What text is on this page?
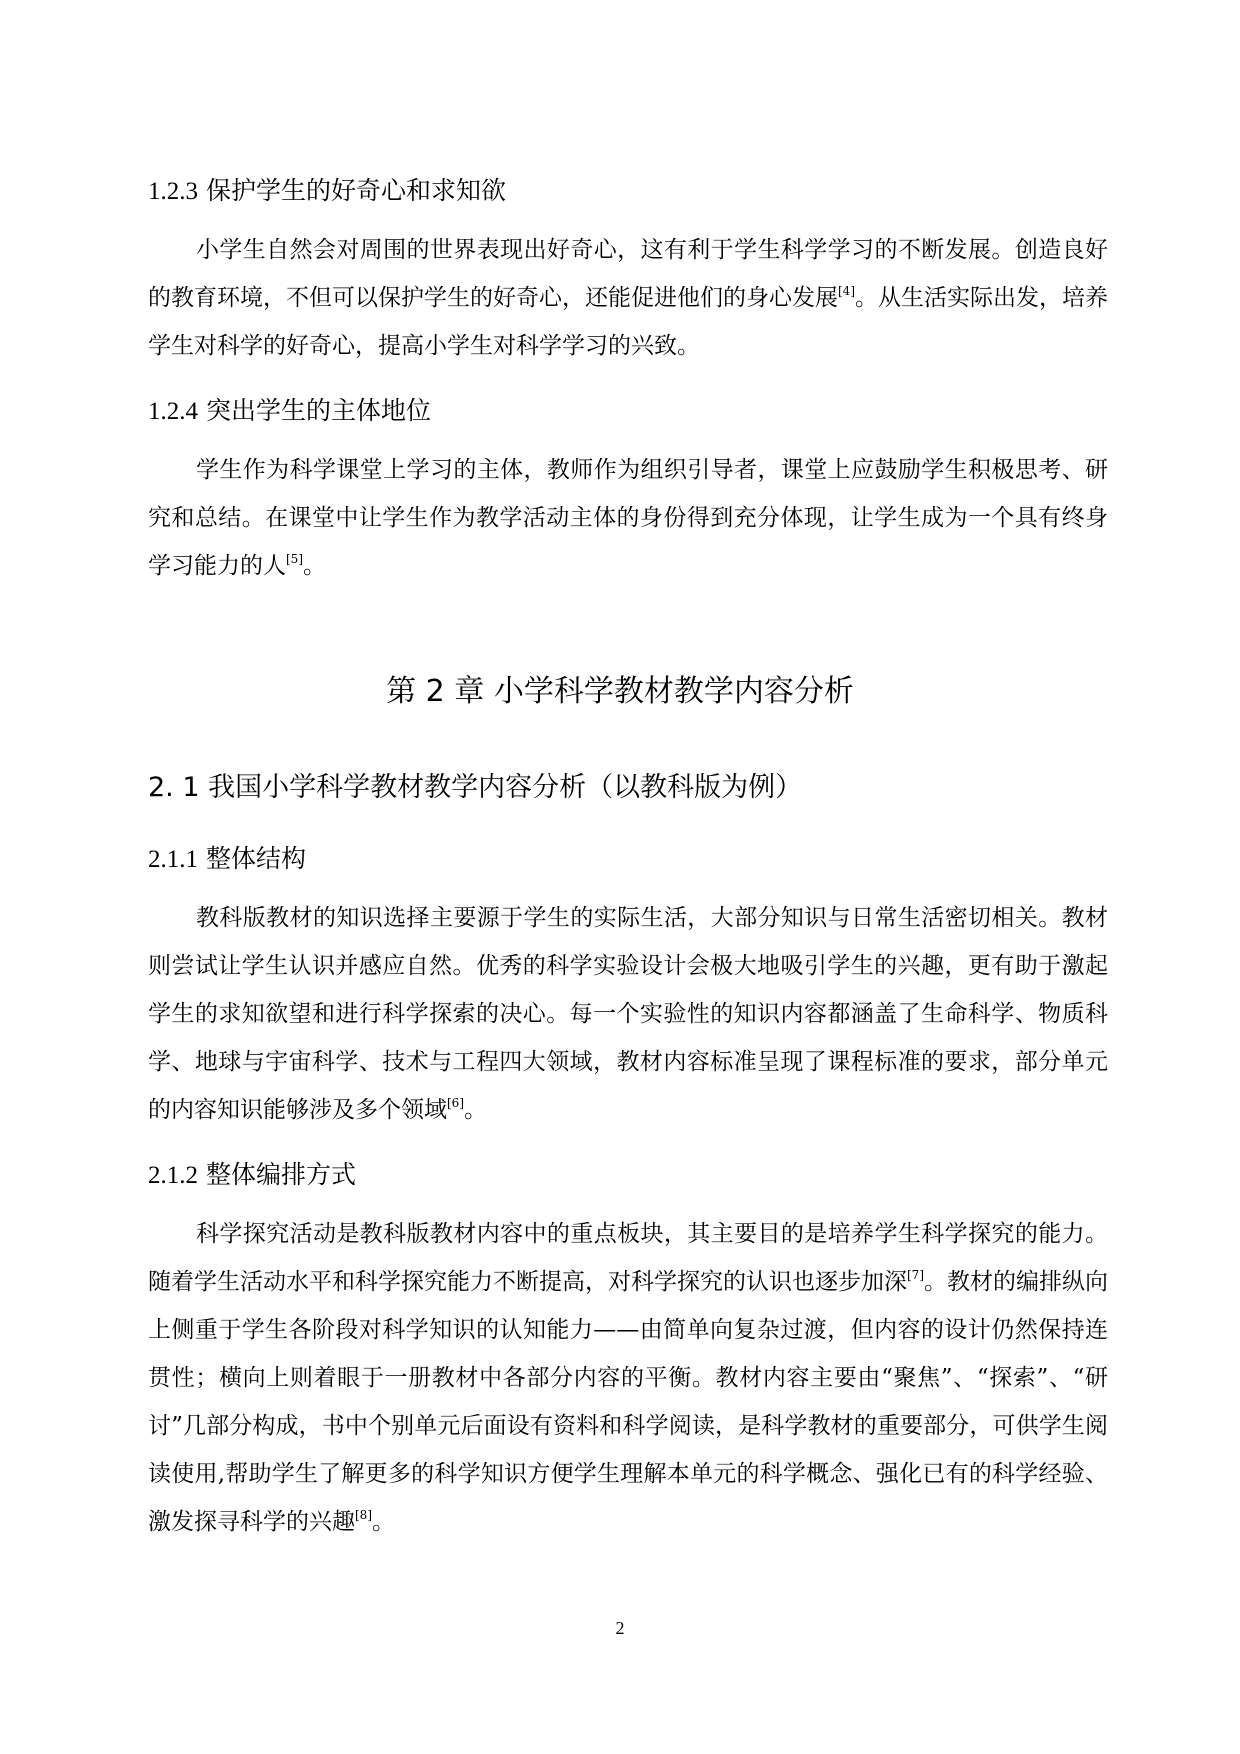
1.2.3 保护学生的好奇心和求知欲

小学生自然会对周围的世界表现出好奇心，这有利于学生科学学习的不断发展。创造良好的教育环境，不但可以保护学生的好奇心，还能促进他们的身心发展[4]。从生活实际出发，培养学生对科学的好奇心，提高小学生对科学学习的兴致。

1.2.4 突出学生的主体地位

学生作为科学课堂上学习的主体，教师作为组织引导者，课堂上应鼓励学生积极思考、研究和总结。在课堂中让学生作为教学活动主体的身份得到充分体现，让学生成为一个具有终身学习能力的人[5]。

第 2 章 小学科学教材教学内容分析
2. 1 我国小学科学教材教学内容分析（以教科版为例）
2.1.1 整体结构

教科版教材的知识选择主要源于学生的实际生活，大部分知识与日常生活密切相关。教材则尝试让学生认识并感应自然。优秀的科学实验设计会极大地吸引学生的兴趣，更有助于激起学生的求知欲望和进行科学探索的决心。每一个实验性的知识内容都涵盖了生命科学、物质科学、地球与宇宙科学、技术与工程四大领域，教材内容标准呈现了课程标准的要求，部分单元的内容知识能够涉及多个领域[6]。

2.1.2 整体编排方式

科学探究活动是教科版教材内容中的重点板块，其主要目的是培养学生科学探究的能力。随着学生活动水平和科学探究能力不断提高，对科学探究的认识也逐步加深[7]。教材的编排纵向上侧重于学生各阶段对科学知识的认知能力——由简单向复杂过渡，但内容的设计仍然保持连贯性；横向上则着眼于一册教材中各部分内容的平衡。教材内容主要由“聚焦”、“探索”、“研讨”几部分构成，书中个别单元后面设有资料和科学阅读，是科学教材的重要部分，可供学生阅读使用,帮助学生了解更多的科学知识方便学生理解本单元的科学概念、强化已有的科学经验、激发探寻科学的兴趣[8]。

2
